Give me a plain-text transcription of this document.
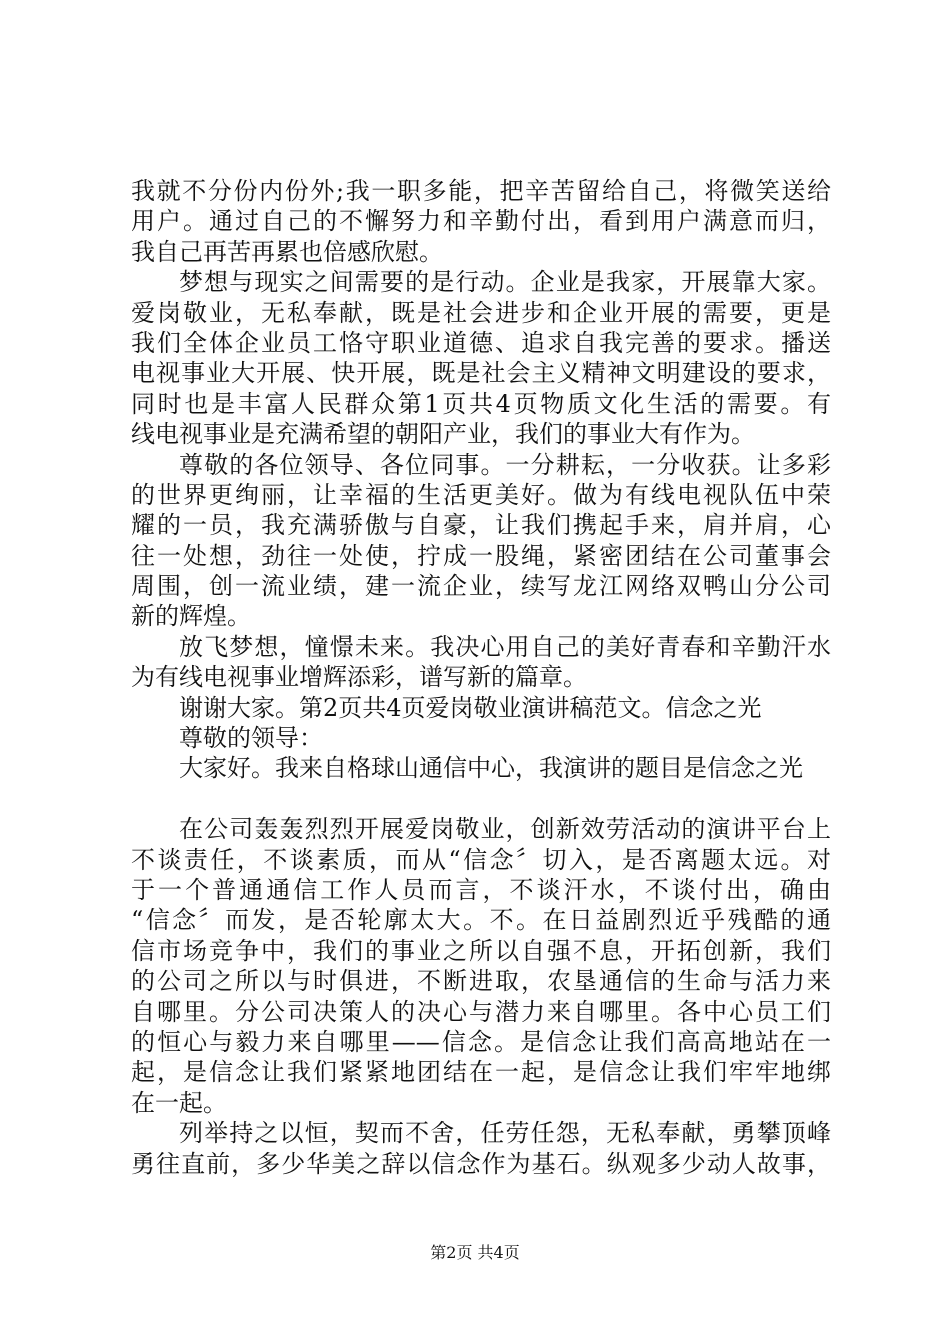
我就不分份内份外;我一职多能，把辛苦留给自己，将微笑送给
用户。通过自己的不懈努力和辛勤付出，看到用户满意而归，
我自己再苦再累也倍感欣慰。
梦想与现实之间需要的是行动。企业是我家，开展靠大家。
爱岗敬业，无私奉献，既是社会进步和企业开展的需要，更是
我们全体企业员工恪守职业道德、追求自我完善的要求。播送
电视事业大开展、快开展，既是社会主义精神文明建设的要求，
同时也是丰富人民群众第1页共4页物质文化生活的需要。有
线电视事业是充满希望的朝阳产业，我们的事业大有作为。
尊敬的各位领导、各位同事。一分耕耘，一分收获。让多彩
的世界更绚丽，让幸福的生活更美好。做为有线电视队伍中荣
耀的一员，我充满骄傲与自豪，让我们携起手来，肩并肩，心
往一处想，劲往一处使，拧成一股绳，紧密团结在公司董事会
周围，创一流业绩，建一流企业，续写龙江网络双鸭山分公司
新的辉煌。
放飞梦想，憧憬未来。我决心用自己的美好青春和辛勤汗水
为有线电视事业增辉添彩，谱写新的篇章。
谢谢大家。第2页共4页爱岗敬业演讲稿范文。信念之光
尊敬的领导：
大家好。我来自格球山通信中心，我演讲的题目是信念之光
在公司轰轰烈烈开展爱岗敬业，创新效劳活动的演讲平台上
不谈责任，不谈素质，而从“信念〞切入，是否离题太远。对
于一个普通通信工作人员而言，不谈汗水，不谈付出，确由
“信念〞而发，是否轮廓太大。不。在日益剧烈近乎残酷的通
信市场竞争中，我们的事业之所以自强不息，开拓创新，我们
的公司之所以与时俱进，不断进取，农垦通信的生命与活力来
自哪里。分公司决策人的决心与潜力来自哪里。各中心员工们
的恒心与毅力来自哪里——信念。是信念让我们高高地站在一
起，是信念让我们紧紧地团结在一起，是信念让我们牢牢地绑
在一起。
列举持之以恒，契而不舍，任劳任怨，无私奉献，勇攀顶峰
勇往直前，多少华美之辞以信念作为基石。纵观多少动人故事，
第2页 共4页
